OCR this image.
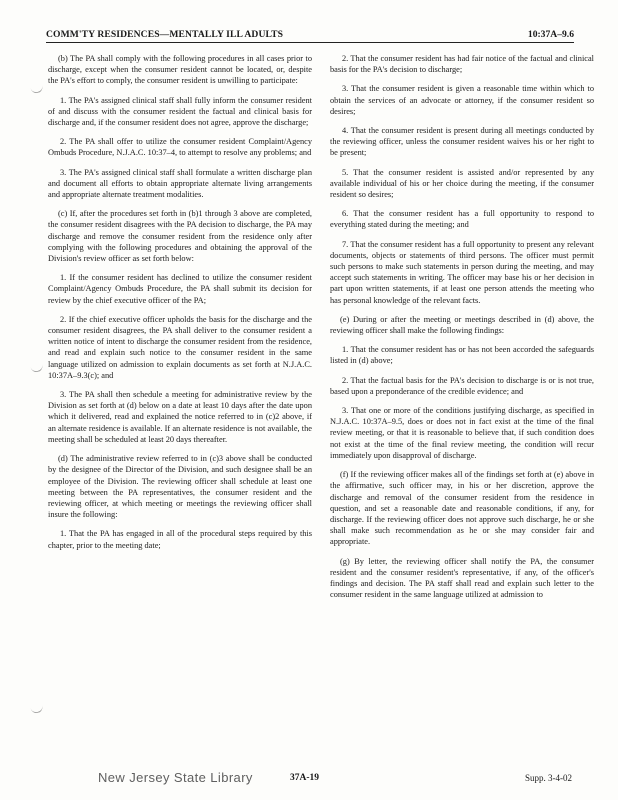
COMM'TY RESIDENCES—MENTALLY ILL ADULTS	10:37A–9.6

(b) The PA shall comply with the following procedures in all cases prior to discharge, except when the consumer resident cannot be located, or, despite the PA's effort to comply, the consumer resident is unwilling to participate:

1. The PA's assigned clinical staff shall fully inform the consumer resident of and discuss with the consumer resident the factual and clinical basis for discharge and, if the consumer resident does not agree, approve the discharge;

2. The PA shall offer to utilize the consumer resident Complaint/Agency Ombuds Procedure, N.J.A.C. 10:37–4, to attempt to resolve any problems; and

3. The PA's assigned clinical staff shall formulate a written discharge plan and document all efforts to obtain appropriate alternate living arrangements and appropriate alternate treatment modalities.

(c) If, after the procedures set forth in (b)1 through 3 above are completed, the consumer resident disagrees with the PA decision to discharge, the PA may discharge and remove the consumer resident from the residence only after complying with the following procedures and obtaining the approval of the Division's review officer as set forth below:

1. If the consumer resident has declined to utilize the consumer resident Complaint/Agency Ombuds Procedure, the PA shall submit its decision for review by the chief executive officer of the PA;

2. If the chief executive officer upholds the basis for the discharge and the consumer resident disagrees, the PA shall deliver to the consumer resident a written notice of intent to discharge the consumer resident from the residence, and read and explain such notice to the consumer resident in the same language utilized on admission to explain documents as set forth at N.J.A.C. 10:37A–9.3(c); and

3. The PA shall then schedule a meeting for administrative review by the Division as set forth at (d) below on a date at least 10 days after the date upon which it delivered, read and explained the notice referred to in (c)2 above, if an alternate residence is available. If an alternate residence is not available, the meeting shall be scheduled at least 20 days thereafter.

(d) The administrative review referred to in (c)3 above shall be conducted by the designee of the Director of the Division, and such designee shall be an employee of the Division. The reviewing officer shall schedule at least one meeting between the PA representatives, the consumer resident and the reviewing officer, at which meeting or meetings the reviewing officer shall insure the following:

1. That the PA has engaged in all of the procedural steps required by this chapter, prior to the meeting date;

2. That the consumer resident has had fair notice of the factual and clinical basis for the PA's decision to discharge;

3. That the consumer resident is given a reasonable time within which to obtain the services of an advocate or attorney, if the consumer resident so desires;

4. That the consumer resident is present during all meetings conducted by the reviewing officer, unless the consumer resident waives his or her right to be present;

5. That the consumer resident is assisted and/or represented by any available individual of his or her choice during the meeting, if the consumer resident so desires;

6. That the consumer resident has a full opportunity to respond to everything stated during the meeting; and

7. That the consumer resident has a full opportunity to present any relevant documents, objects or statements of third persons. The officer must permit such persons to make such statements in person during the meeting, and may accept such statements in writing. The officer may base his or her decision in part upon written statements, if at least one person attends the meeting who has personal knowledge of the relevant facts.

(e) During or after the meeting or meetings described in (d) above, the reviewing officer shall make the following findings:

1. That the consumer resident has or has not been accorded the safeguards listed in (d) above;

2. That the factual basis for the PA's decision to discharge is or is not true, based upon a preponderance of the credible evidence; and

3. That one or more of the conditions justifying discharge, as specified in N.J.A.C. 10:37A–9.5, does or does not in fact exist at the time of the final review meeting, or that it is reasonable to believe that, if such condition does not exist at the time of the final review meeting, the condition will recur immediately upon disapproval of discharge.

(f) If the reviewing officer makes all of the findings set forth at (e) above in the affirmative, such officer may, in his or her discretion, approve the discharge and removal of the consumer resident from the residence in question, and set a reasonable date and reasonable conditions, if any, for discharge. If the reviewing officer does not approve such discharge, he or she shall make such recommendation as he or she may consider fair and appropriate.

(g) By letter, the reviewing officer shall notify the PA, the consumer resident and the consumer resident's representative, if any, of the officer's findings and decision. The PA staff shall read and explain such letter to the consumer resident in the same language utilized at admission to

New Jersey State Library	37A-19	Supp. 3-4-02
